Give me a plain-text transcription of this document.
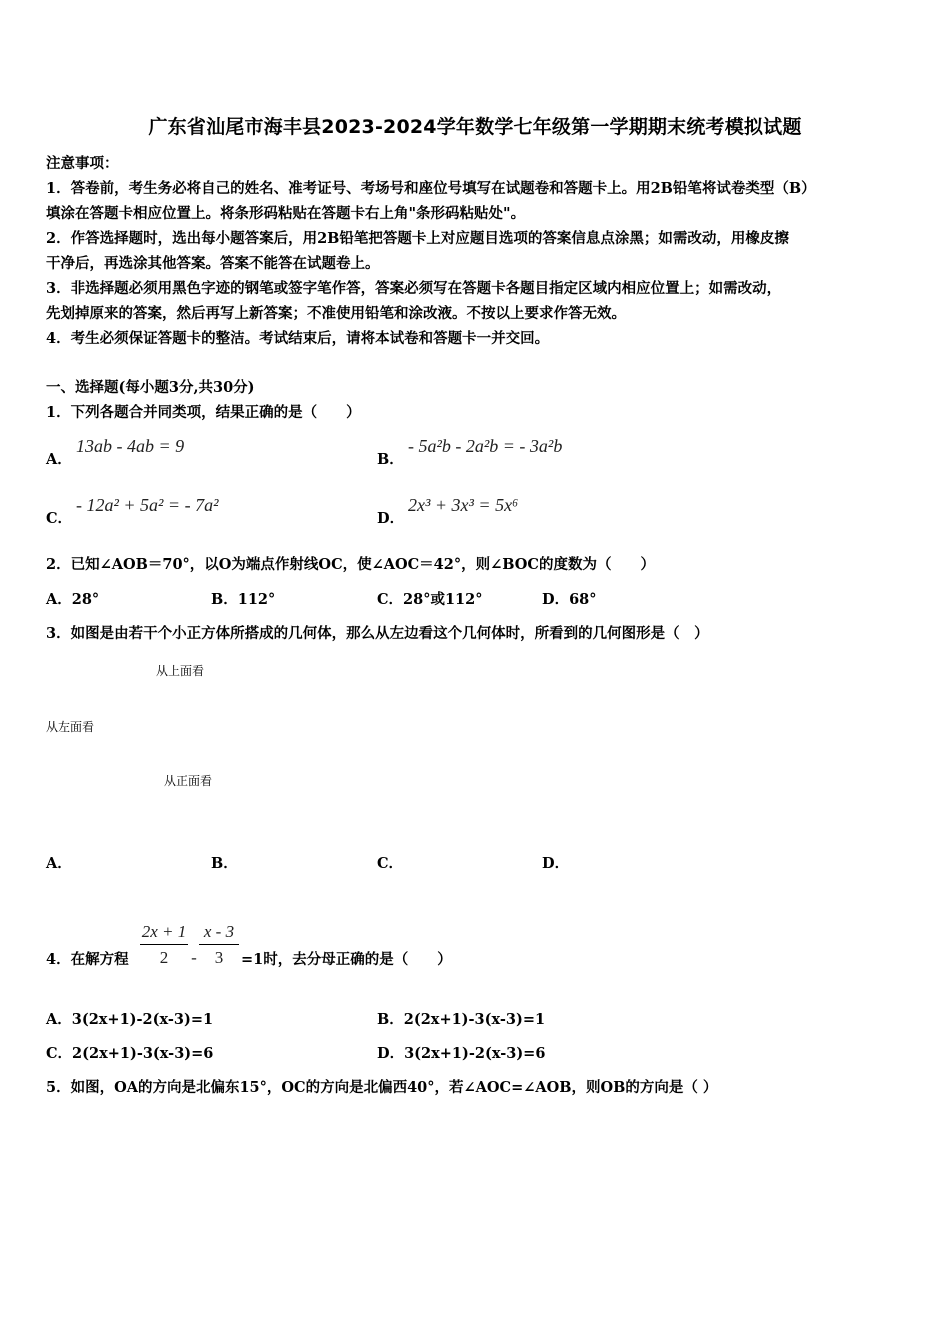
广东省汕尾市海丰县2023-2024学年数学七年级第一学期期末统考模拟试题
注意事项：
1．答卷前，考生务必将自己的姓名、准考证号、考场号和座位号填写在试题卷和答题卡上。用2B铅笔将试卷类型（B）
填涂在答题卡相应位置上。将条形码粘贴在答题卡右上角"条形码粘贴处"。
2．作答选择题时，选出每小题答案后，用2B铅笔把答题卡上对应题目选项的答案信息点涂黑；如需改动，用橡皮擦
干净后，再选涂其他答案。答案不能答在试题卷上。
3．非选择题必须用黑色字迹的钢笔或签字笔作答，答案必须写在答题卡各题目指定区域内相应位置上；如需改动，
先划掉原来的答案，然后再写上新答案；不准使用铅笔和涂改液。不按以上要求作答无效。
4．考生必须保证答题卡的整洁。考试结束后，请将本试卷和答题卡一并交回。
一、选择题(每小题3分,共30分)
1．下列各题合并同类项，结果正确的是（　　）
A．
13ab - 4ab = 9
B．
- 5a²b - 2a²b = - 3a²b
C．
- 12a² + 5a² = - 7a²
D．
2x³ + 3x³ = 5x⁶
2．已知∠AOB＝70°，以O为端点作射线OC，使∠AOC＝42°，则∠BOC的度数为（　　）
A．28°	B．112°	C．28°或112°	D．68°
3．如图是由若干个小正方体所搭成的几何体，那么从左边看这个几何体时，所看到的几何图形是（　）
从上面看
从左面看
从正面看
A．	B．	C．	D．
4．在解方程
2x + 1
2	-
x - 3
3	=1时，去分母正确的是（　　）
A．3(2x+1)-2(x-3)=1	B．2(2x+1)-3(x-3)=1
C．2(2x+1)-3(x-3)=6	D．3(2x+1)-2(x-3)=6
5．如图，OA的方向是北偏东15°，OC的方向是北偏西40°，若∠AOC=∠AOB，则OB的方向是（ ）
